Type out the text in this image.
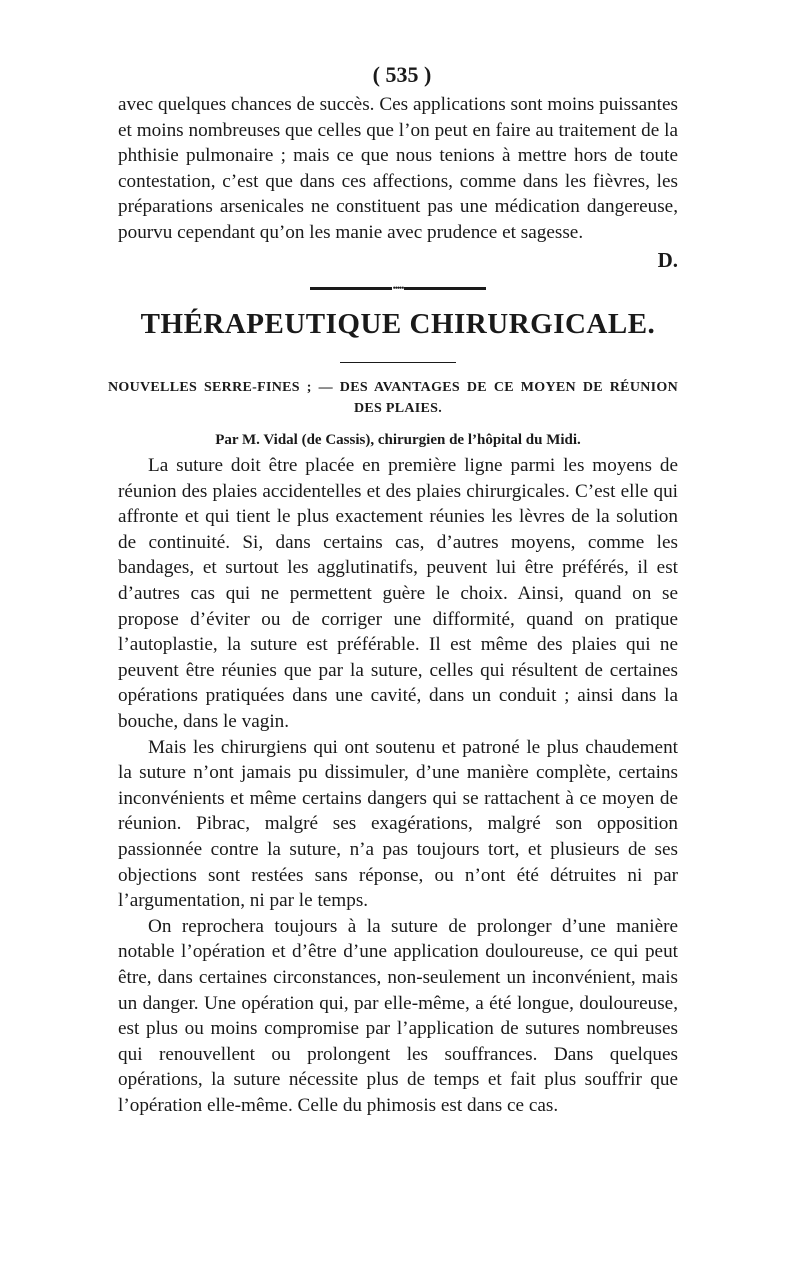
( 535 )

avec quelques chances de succès. Ces applications sont moins puissantes et moins nombreuses que celles que l’on peut en faire au traitement de la phthisie pulmonaire ; mais ce que nous tenions à mettre hors de toute contestation, c’est que dans ces affections, comme dans les fièvres, les préparations arsenicales ne constituent pas une médication dangereuse, pourvu cependant qu’on les manie avec prudence et sagesse.

D.
•••••
THÉRAPEUTIQUE CHIRURGICALE.
NOUVELLES SERRE-FINES ; — DES AVANTAGES DE CE MOYEN DE RÉUNION
DES PLAIES.
Par M. Vidal (de Cassis), chirurgien de l’hôpital du Midi.

La suture doit être placée en première ligne parmi les moyens de réunion des plaies accidentelles et des plaies chirurgicales. C’est elle qui affronte et qui tient le plus exactement réunies les lèvres de la solution de continuité. Si, dans certains cas, d’autres moyens, comme les bandages, et surtout les agglutinatifs, peuvent lui être préférés, il est d’autres cas qui ne permettent guère le choix. Ainsi, quand on se propose d’éviter ou de corriger une difformité, quand on pratique l’autoplastie, la suture est préférable. Il est même des plaies qui ne peuvent être réunies que par la suture, celles qui résultent de certaines opérations pratiquées dans une cavité, dans un conduit ; ainsi dans la bouche, dans le vagin.

Mais les chirurgiens qui ont soutenu et patroné le plus chaudement la suture n’ont jamais pu dissimuler, d’une manière complète, certains inconvénients et même certains dangers qui se rattachent à ce moyen de réunion. Pibrac, malgré ses exagérations, malgré son opposition passionnée contre la suture, n’a pas toujours tort, et plusieurs de ses objections sont restées sans réponse, ou n’ont été détruites ni par l’argumentation, ni par le temps.

On reprochera toujours à la suture de prolonger d’une manière notable l’opération et d’être d’une application douloureuse, ce qui peut être, dans certaines circonstances, non-seulement un inconvénient, mais un danger. Une opération qui, par elle-même, a été longue, douloureuse, est plus ou moins compromise par l’application de sutures nombreuses qui renouvellent ou prolongent les souffrances. Dans quelques opérations, la suture nécessite plus de temps et fait plus souffrir que l’opération elle-même. Celle du phimosis est dans ce cas.
